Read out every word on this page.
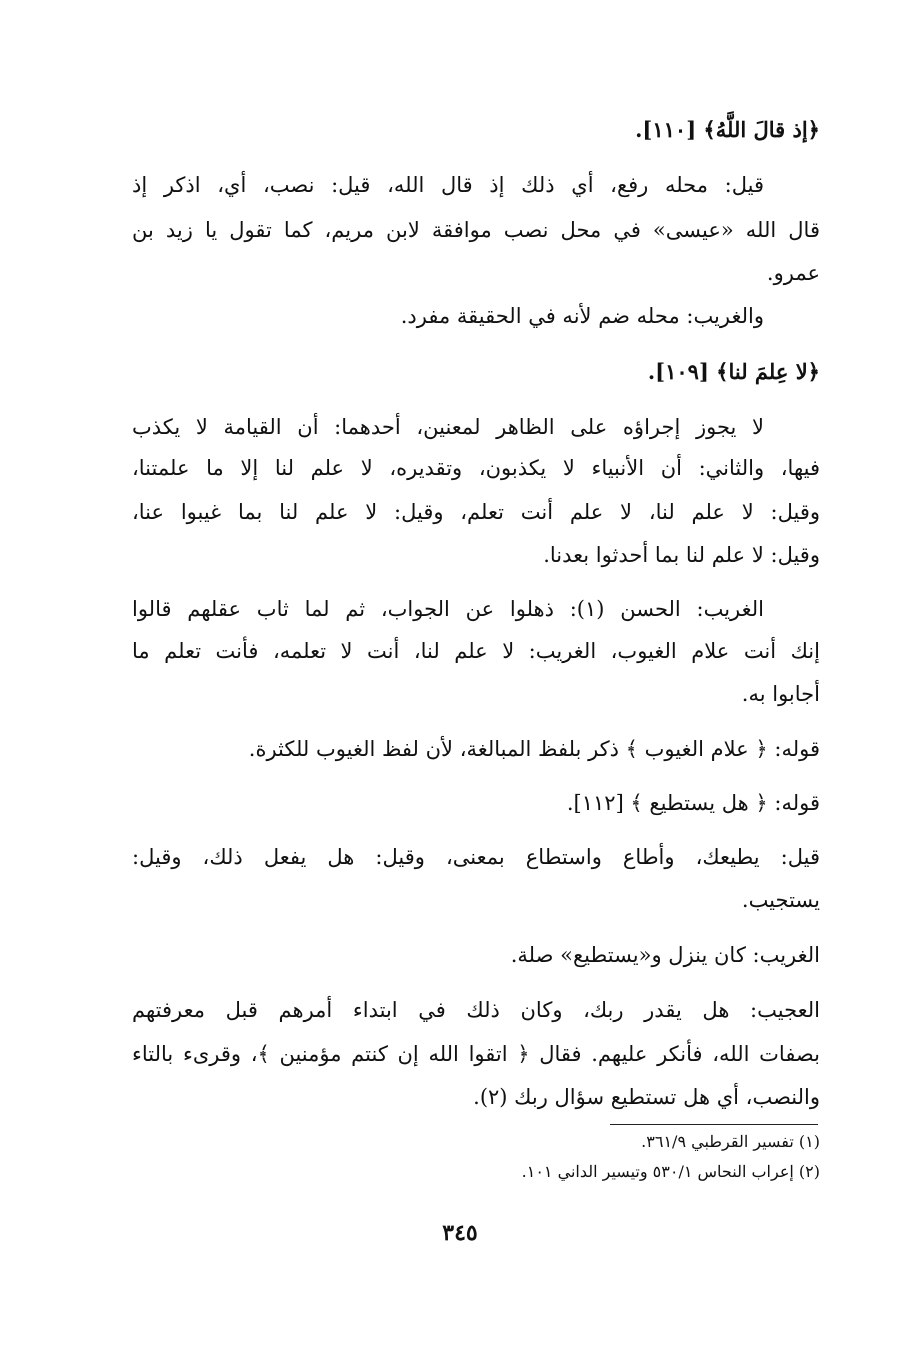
﴿إذ قالَ اللَّهُ﴾ [١١٠].
قيل: محله رفع، أي ذلك إذ قال الله، قيل: نصب، أي، اذكر إذ
قال الله «عيسى» في محل نصب موافقة لابن مريم، كما تقول يا زيد بن
عمرو.
والغريب: محله ضم لأنه في الحقيقة مفرد.
﴿لا عِلمَ لنا﴾ [١٠٩].
لا يجوز إجراؤه على الظاهر لمعنين، أحدهما: أن القيامة لا يكذب
فيها، والثاني: أن الأنبياء لا يكذبون، وتقديره، لا علم لنا إلا ما علمتنا،
وقيل: لا علم لنا، لا علم أنت تعلم، وقيل: لا علم لنا بما غيبوا عنا،
وقيل: لا علم لنا بما أحدثوا بعدنا.
الغريب: الحسن (١): ذهلوا عن الجواب، ثم لما ثاب عقلهم قالوا
إنك أنت علام الغيوب، الغريب: لا علم لنا، أنت لا تعلمه، فأنت تعلم ما
أجابوا به.
قوله: ﴿ علام الغيوب ﴾ ذكر بلفظ المبالغة، لأن لفظ الغيوب للكثرة.
قوله: ﴿ هل يستطيع ﴾ [١١٢].
قيل: يطيعك، وأطاع واستطاع بمعنى، وقيل: هل يفعل ذلك، وقيل:
يستجيب.
الغريب: كان ينزل و«يستطيع» صلة.
العجيب: هل يقدر ربك، وكان ذلك في ابتداء أمرهم قبل معرفتهم
بصفات الله، فأنكر عليهم. فقال ﴿ اتقوا الله إن كنتم مؤمنين ﴾، وقرىء بالتاء
والنصب، أي هل تستطيع سؤال ربك (٢).
(١) تفسير القرطبي ٣٦١/٩.
(٢) إعراب النحاس ٥٣٠/١ وتيسير الداني ١٠١.
٣٤٥
